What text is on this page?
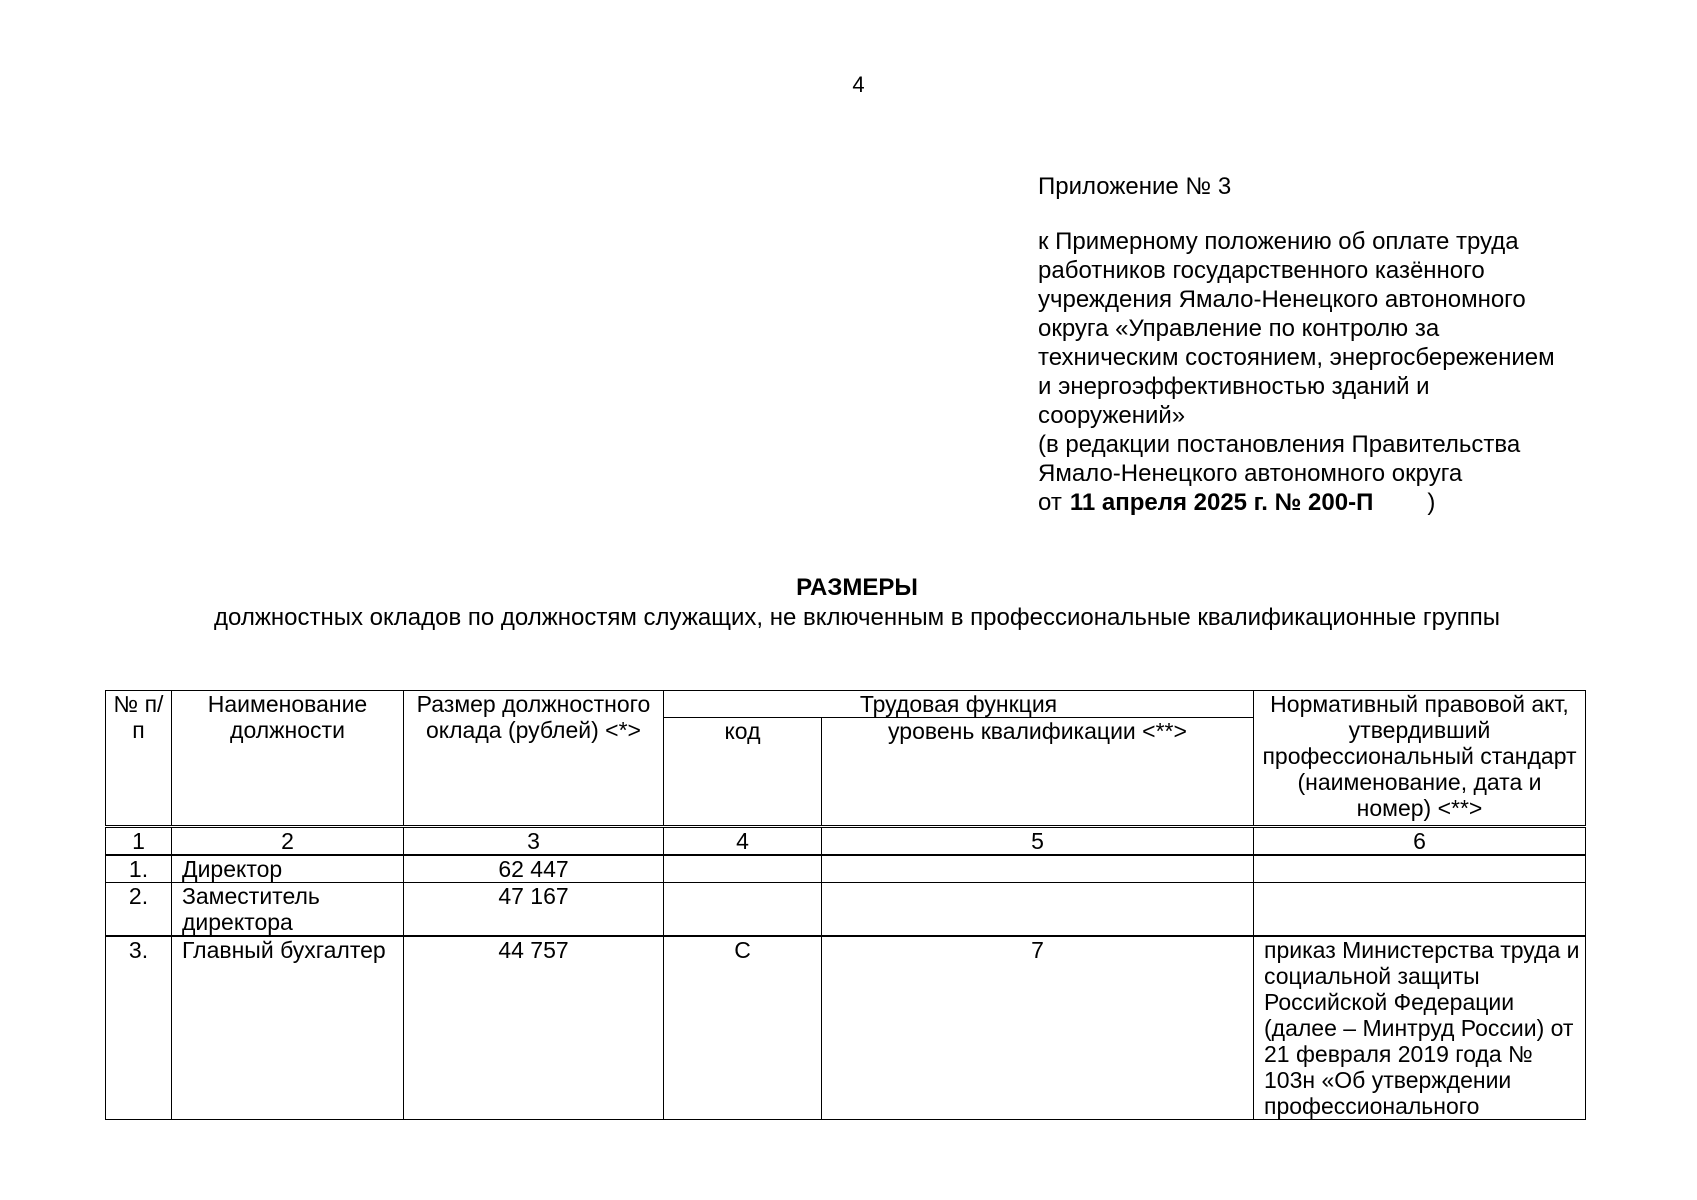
4
Приложение № 3
к Примерному положению об оплате труда
работников государственного казённого
учреждения Ямало-Ненецкого автономного
округа «Управление по контролю за
техническим состоянием, энергосбережением
и энергоэффективностью зданий и
сооружений»
(в редакции постановления Правительства
Ямало-Ненецкого автономного округа
от 11 апреля 2025 г. № 200-П )
РАЗМЕРЫ
должностных окладов по должностям служащих, не включенным в профессиональные квалификационные группы
№ п/п	Наименование должности	Размер должностного оклада (рублей) <*>	Трудовая функция		Нормативный правовой акт, утвердивший профессиональный стандарт (наименование, дата и номер) <**>
			код	уровень квалификации <**>	
1	2	3	4	5	6
1.	Директор	62 447			
2.	Заместитель директора	47 167			
3.	Главный бухгалтер	44 757	С	7	приказ Министерства труда и социальной защиты Российской Федерации (далее – Минтруд России) от 21 февраля 2019 года № 103н «Об утверждении профессионального
